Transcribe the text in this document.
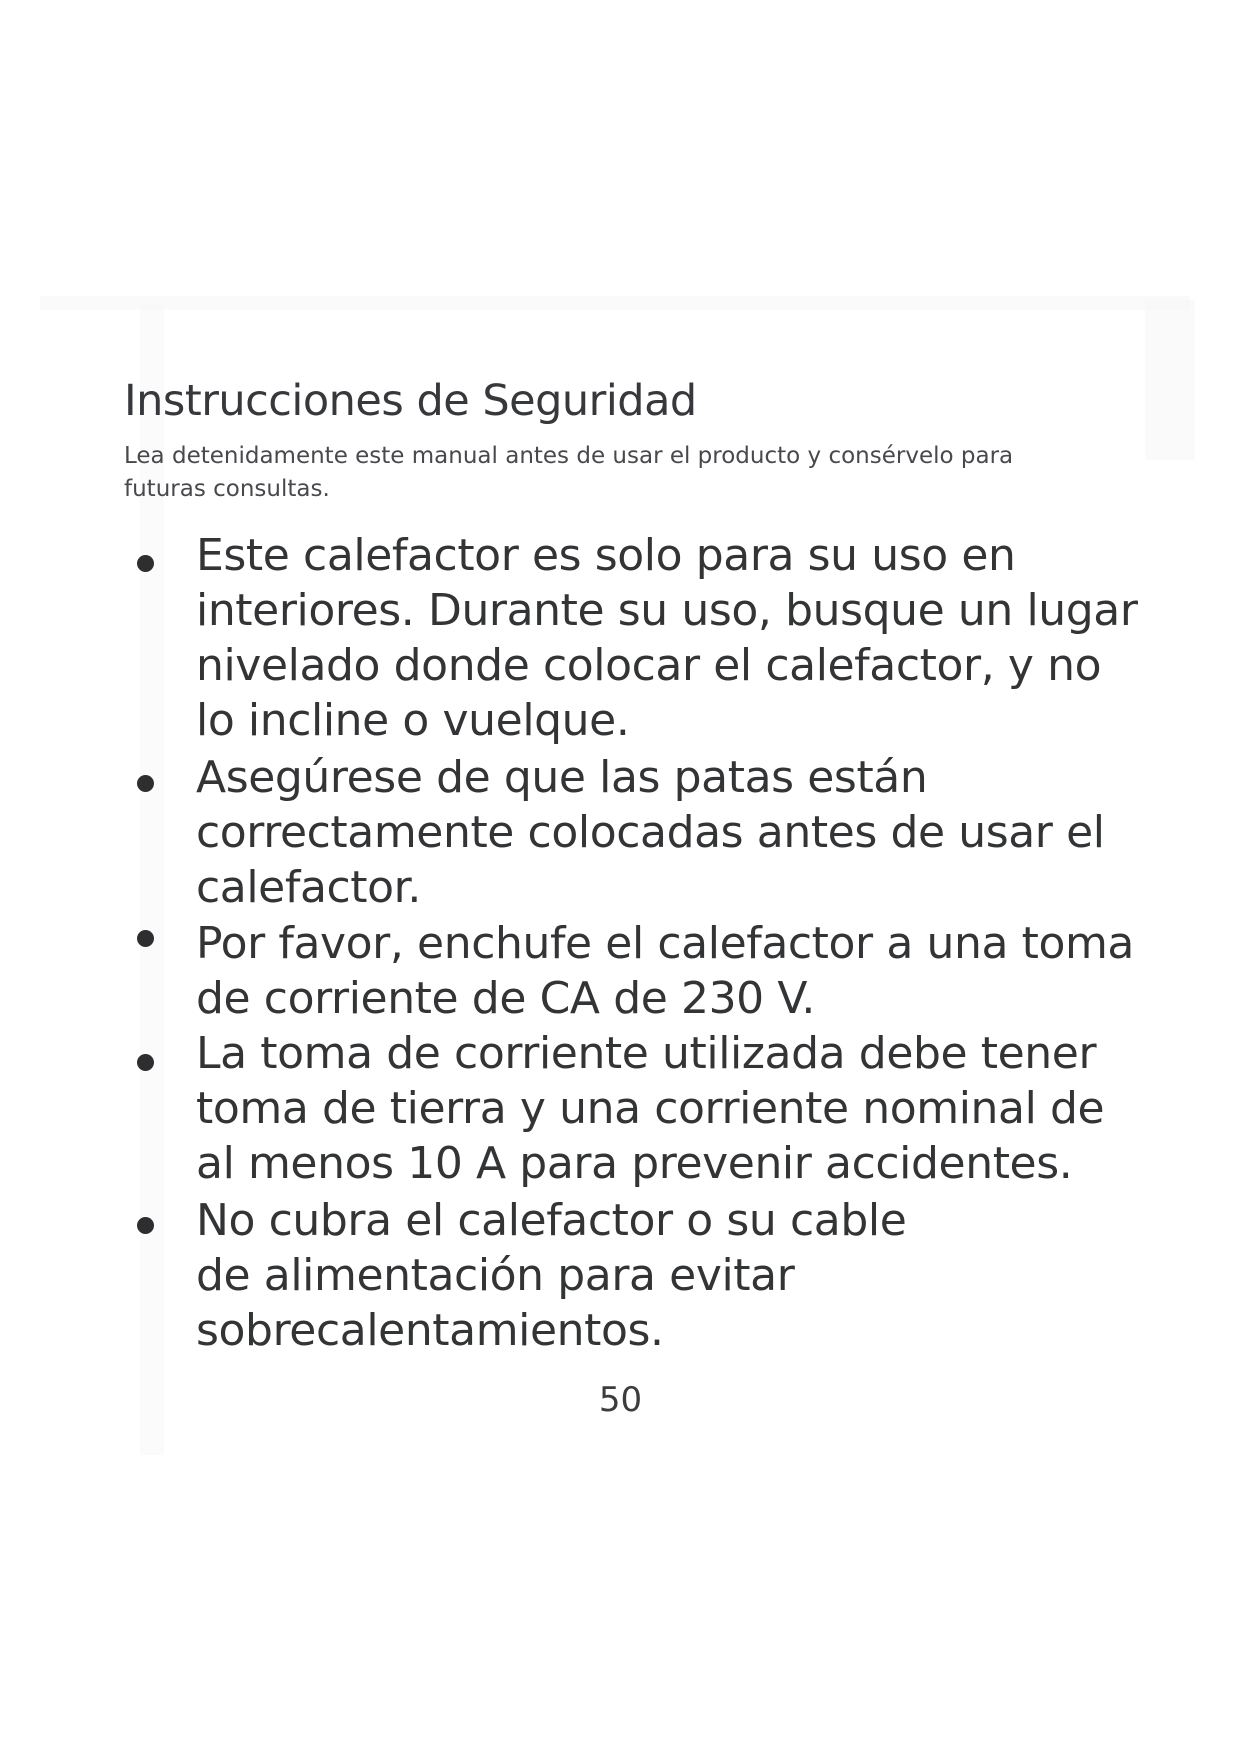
Instrucciones de Seguridad

Lea detenidamente este manual antes de usar el producto y consérvelo para
futuras consultas.

Este calefactor es solo para su uso en
interiores. Durante su uso, busque un lugar
nivelado donde colocar el calefactor, y no
lo incline o vuelque.

Asegúrese de que las patas están
correctamente colocadas antes de usar el
calefactor.

Por favor, enchufe el calefactor a una toma
de corriente de CA de 230 V.

La toma de corriente utilizada debe tener
toma de tierra y una corriente nominal de
al menos 10 A para prevenir accidentes.

No cubra el calefactor o su cable
de alimentación para evitar
sobrecalentamientos.

50
